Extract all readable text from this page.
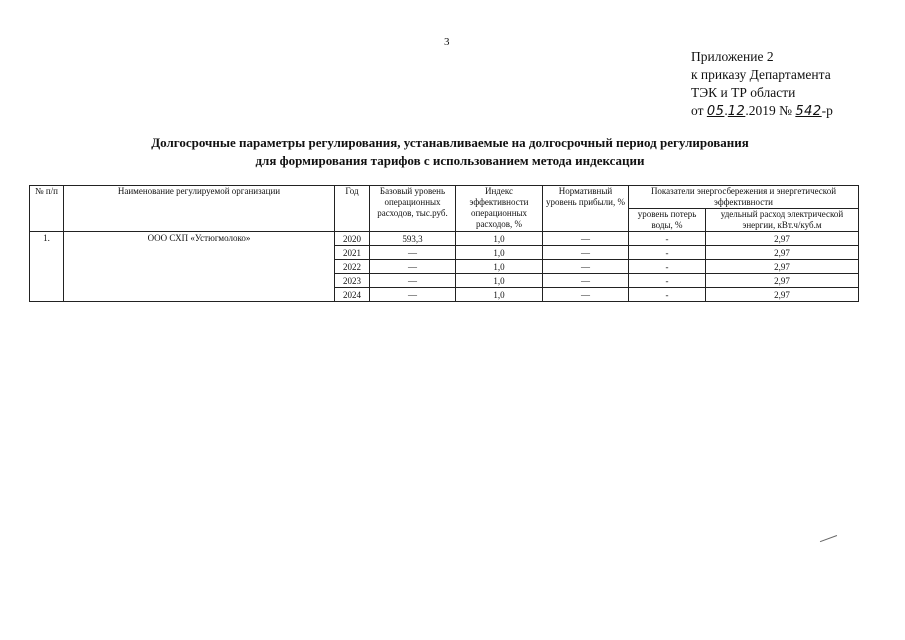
3
Приложение 2
к приказу Департамента
ТЭК и ТР области
от 05.12.2019 № 542-р
Долгосрочные параметры регулирования, устанавливаемые на долгосрочный период регулирования
для формирования тарифов с использованием метода индексации
№ п/п	Наименование регулируемой организации	Год	Базовый уровень операционных расходов, тыс.руб.	Индекс эффективности операционных расходов, %	Нормативный уровень прибыли, %	Показатели энергосбережения и энергетической эффективности	
						уровень потерь воды, %	удельный расход электрической энергии, кВт.ч/куб.м
1.	ООО СХП «Устюгмолоко»	2020	593,3	1,0	—	-	2,97
		2021	—	1,0	—	-	2,97
		2022	—	1,0	—	-	2,97
		2023	—	1,0	—	-	2,97
		2024	—	1,0	—	-	2,97
